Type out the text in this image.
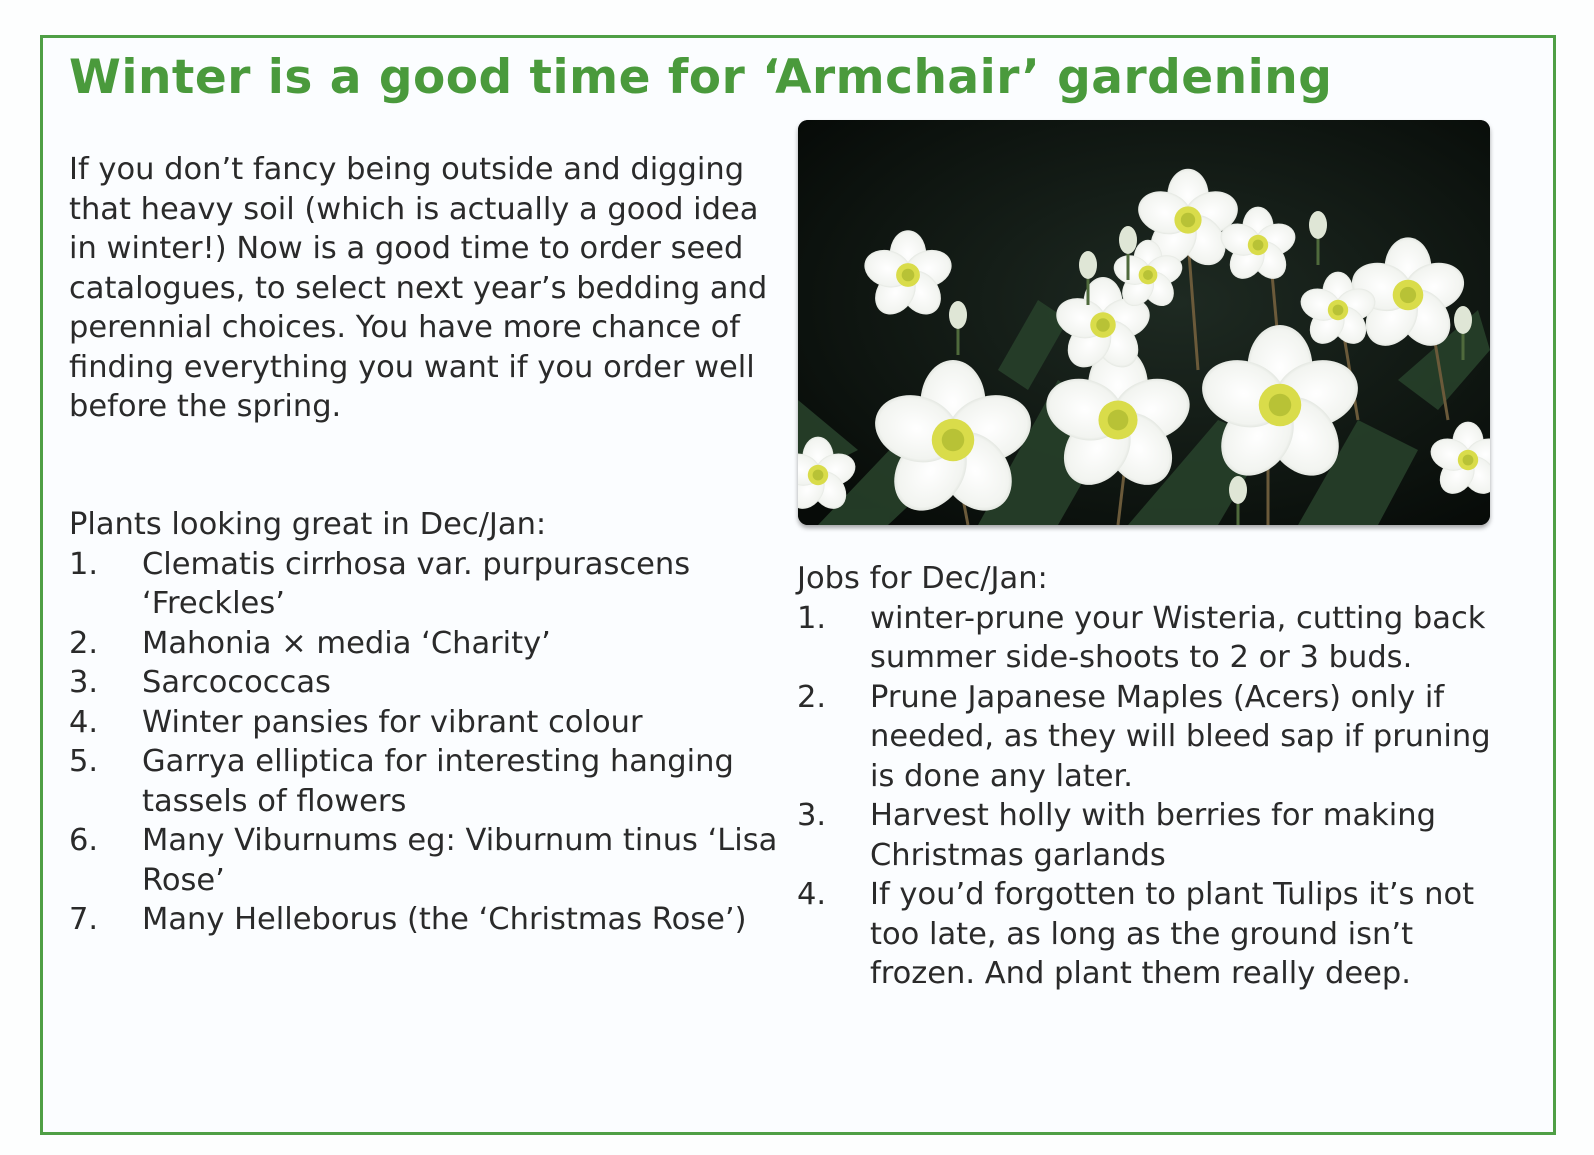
Winter is a good time for ‘Armchair’ gardening

If you don’t fancy being outside and digging that heavy soil (which is actually a good idea in winter!) Now is a good time to order seed catalogues, to select next year’s bedding and perennial choices. You have more chance of finding everything you want if you order well before the spring.

Plants looking great in Dec/Jan:

1.	Clematis cirrhosa var. purpurascens ‘Freckles’
2.	Mahonia × media ‘Charity’
3.	Sarcococcas
4.	Winter pansies for vibrant colour
5.	Garrya elliptica for interesting hanging tassels of flowers
6.	Many Viburnums eg: Viburnum tinus ‘Lisa Rose’
7.	Many Helleborus (the ‘Christmas Rose’)

Jobs for Dec/Jan:

1.	winter-prune your Wisteria, cutting back summer side-shoots to 2 or 3 buds.
2.	Prune Japanese Maples (Acers) only if needed, as they will bleed sap if pruning is done any later.
3.	Harvest holly with berries for making Christmas garlands
4.	If you’d forgotten to plant Tulips it’s not too late, as long as the ground isn’t frozen. And plant them really deep.
